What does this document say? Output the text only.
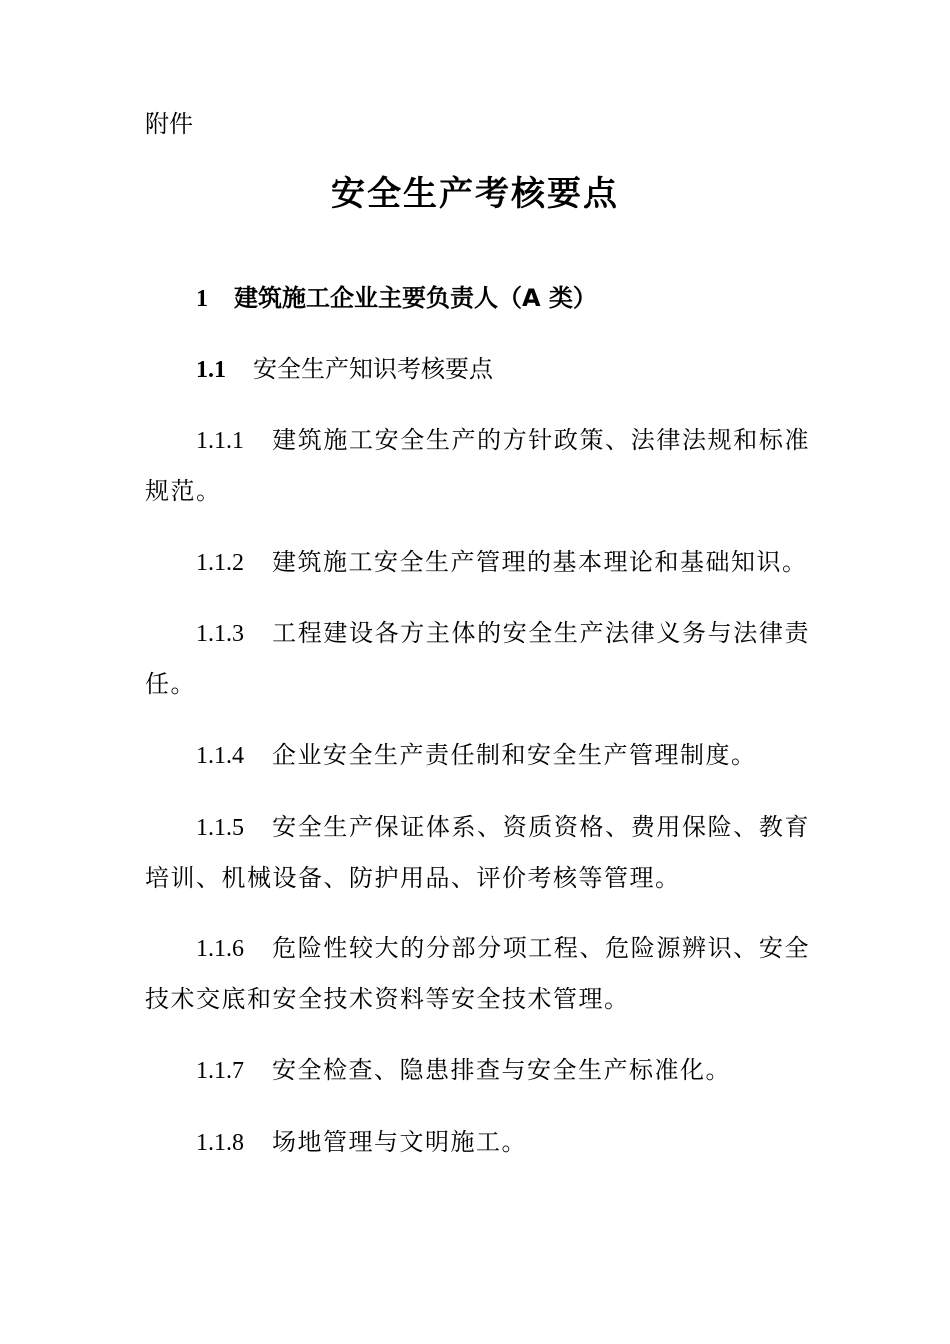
附件
安全生产考核要点
1 建筑施工企业主要负责人（A 类）
1.1 安全生产知识考核要点
1.1.1 建筑施工安全生产的方针政策、法律法规和标准规范。
1.1.2 建筑施工安全生产管理的基本理论和基础知识。
1.1.3 工程建设各方主体的安全生产法律义务与法律责任。
1.1.4 企业安全生产责任制和安全生产管理制度。
1.1.5 安全生产保证体系、资质资格、费用保险、教育培训、机械设备、防护用品、评价考核等管理。
1.1.6 危险性较大的分部分项工程、危险源辨识、安全技术交底和安全技术资料等安全技术管理。
1.1.7 安全检查、隐患排查与安全生产标准化。
1.1.8 场地管理与文明施工。
